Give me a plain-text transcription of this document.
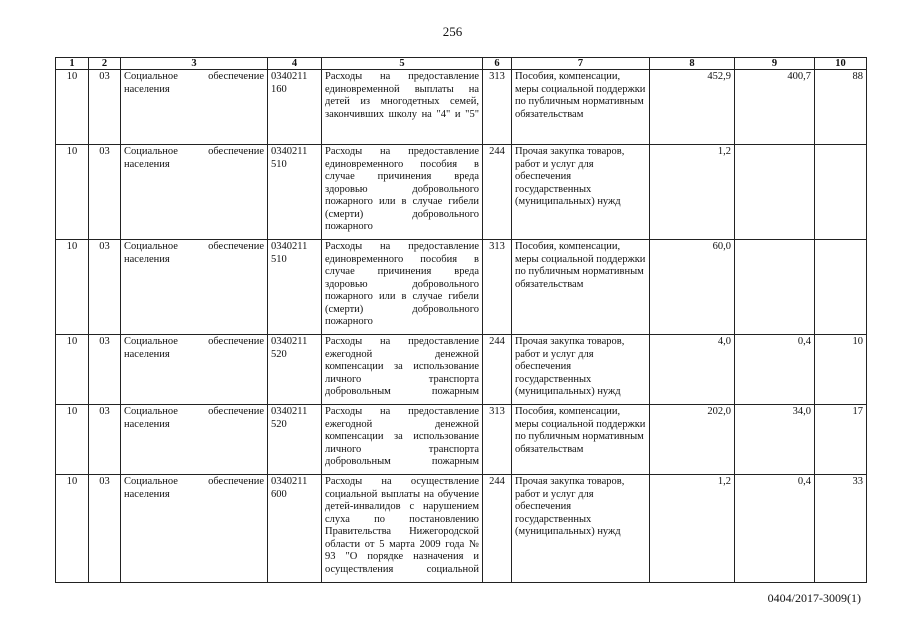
256
1	2	3	4	5	6	7	8	9	10
10	03	Социальное обеспечение населения	0340211 160	Расходы на предоставление единовременной выплаты на детей из многодетных семей, закончивших школу на "4" и "5"	313	Пособия, компенсации, меры социальной поддержки по публичным нормативным обязательствам	452,9	400,7	88
10	03	Социальное обеспечение населения	0340211 510	Расходы на предоставление единовременного пособия в случае причинения вреда здоровью добровольного пожарного или в случае гибели (смерти) добровольного пожарного	244	Прочая закупка товаров, работ и услуг для обеспечения государственных (муниципальных) нужд	1,2		
10	03	Социальное обеспечение населения	0340211 510	Расходы на предоставление единовременного пособия в случае причинения вреда здоровью добровольного пожарного или в случае гибели (смерти) добровольного пожарного	313	Пособия, компенсации, меры социальной поддержки по публичным нормативным обязательствам	60,0		
10	03	Социальное обеспечение населения	0340211 520	Расходы на предоставление ежегодной денежной компенсации за использование личного транспорта добровольным пожарным	244	Прочая закупка товаров, работ и услуг для обеспечения государственных (муниципальных) нужд	4,0	0,4	10
10	03	Социальное обеспечение населения	0340211 520	Расходы на предоставление ежегодной денежной компенсации за использование личного транспорта добровольным пожарным	313	Пособия, компенсации, меры социальной поддержки по публичным нормативным обязательствам	202,0	34,0	17
10	03	Социальное обеспечение населения	0340211 600	Расходы на осуществление социальной выплаты на обучение детей-инвалидов с нарушением слуха по постановлению Правительства Нижегородской области от 5 марта 2009 года № 93 "О порядке назначения и осуществления социальной	244	Прочая закупка товаров, работ и услуг для обеспечения государственных (муниципальных) нужд	1,2	0,4	33
0404/2017-3009(1)
